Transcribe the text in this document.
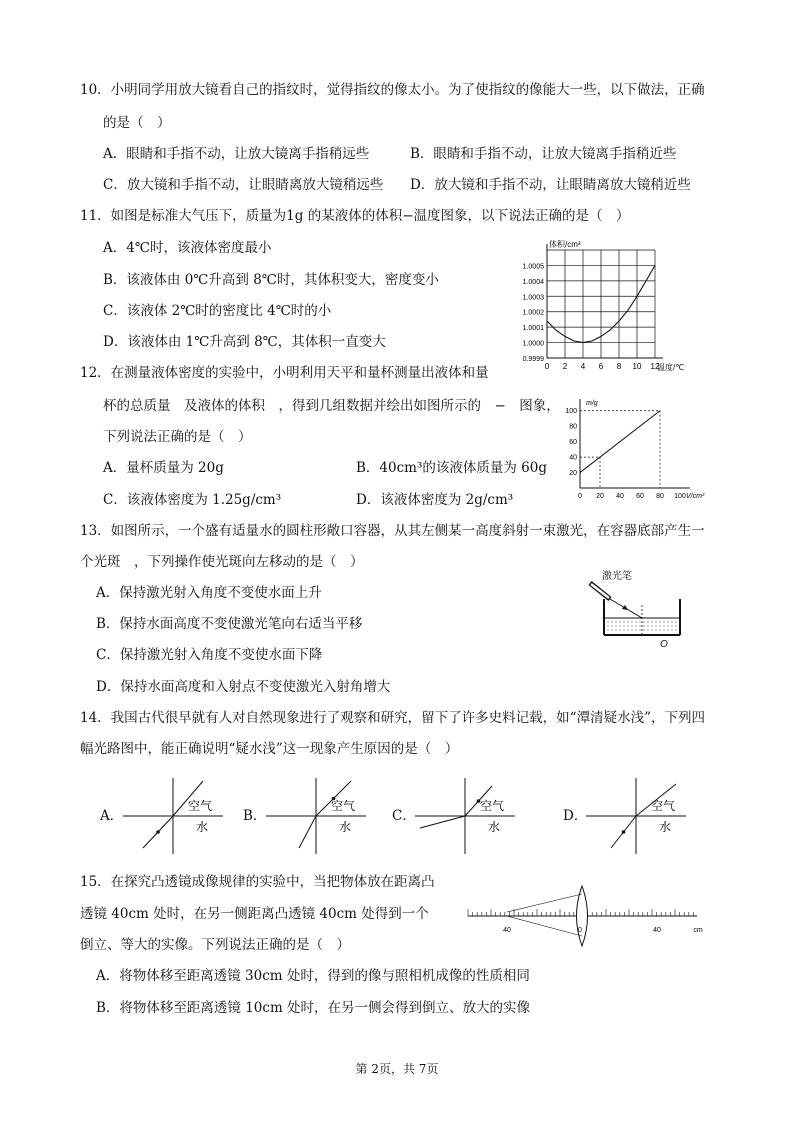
10．小明同学用放大镜看自己的指纹时，觉得指纹的像太小。为了使指纹的像能大一些，以下做法，正确
的是（　）
A．眼睛和手指不动，让放大镜离手指稍远些	B．眼睛和手指不动，让放大镜离手指稍近些
C．放大镜和手指不动，让眼睛离放大镜稍远些 D．放大镜和手指不动，让眼睛离放大镜稍近些
11．如图是标准大气压下，质量为1g 的某液体的体积−温度图象，以下说法正确的是（　）
A．4℃时，该液体密度最小
B．该液体由 0℃升高到 8℃时，其体积变大，密度变小
C．该液体 2℃时的密度比 4℃时的小
D．该液体由 1℃升高到 8℃，其体积一直变大
0 2 4 6 8 10 12
0.9999
1.0000
1.0001
1.0002
1.0003
1.0004
1.0005
体积/cm³
温度/℃
12．在测量液体密度的实验中，小明利用天平和量杯测量出液体和量
杯的总质量　及液体的体积　，得到几组数据并绘出如图所示的　−　图象，
下列说法正确的是（　）
A．量杯质量为 20g	B．40cm³的该液体质量为 60g
C．该液体密度为 1.25g/cm³	D．该液体密度为 2g/cm³
m/g
V/cm³
0 20 40 60 80 100
20
40
60
80
100
13．如图所示，一个盛有适量水的圆柱形敞口容器，从其左侧某一高度斜射一束激光，在容器底部产生一
个光斑　，下列操作使光斑向左移动的是（　）
A．保持激光射入角度不变使水面上升
B．保持水面高度不变使激光笔向右适当平移
C．保持激光射入角度不变使水面下降
D．保持水面高度和入射点不变使激光入射角增大
激光笔
O
14．我国古代很早就有人对自然现象进行了观察和研究，留下了许多史料记载，如“潭清疑水浅”，下列四
幅光路图中，能正确说明“疑水浅”这一现象产生原因的是（　）
A．
空气
水
B．
空气
水
C．
空气
水
D．
空气
水
15．在探究凸透镜成像规律的实验中，当把物体放在距离凸
透镜 40cm 处时，在另一侧距离凸透镜 40cm 处得到一个
倒立、等大的实像。下列说法正确的是（　）
A．将物体移至距离透镜 30cm 处时，得到的像与照相机成像的性质相同
B．将物体移至距离透镜 10cm 处时，在另一侧会得到倒立、放大的实像
40	0	40	cm
第 2页，共 7页
